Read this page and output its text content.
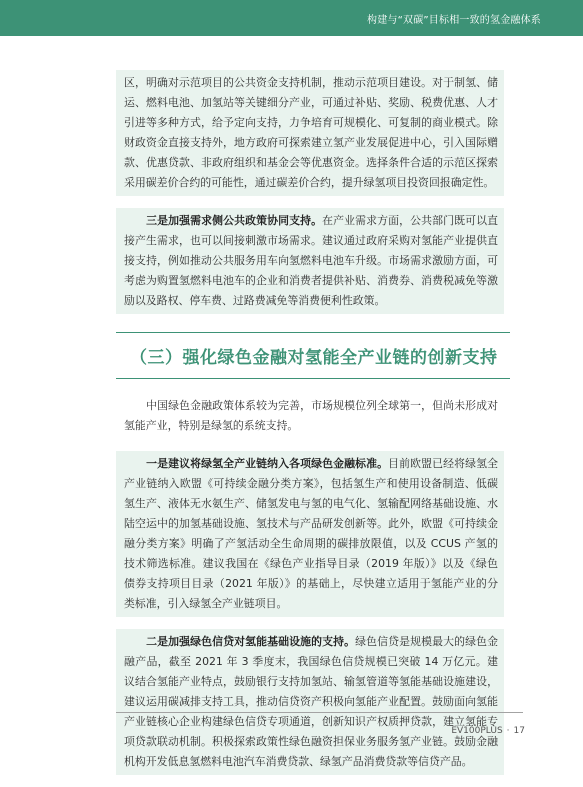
构建与“双碳”目标相一致的氢金融体系

区，明确对示范项目的公共资金支持机制，推动示范项目建设。对于制氢、储运、燃料电池、加氢站等关键细分产业，可通过补贴、奖励、税费优惠、人才引进等多种方式，给予定向支持，力争培育可规模化、可复制的商业模式。除财政资金直接支持外，地方政府可探索建立氢产业发展促进中心，引入国际赠款、优惠贷款、非政府组织和基金会等优惠资金。选择条件合适的示范区探索采用碳差价合约的可能性，通过碳差价合约，提升绿氢项目投资回报确定性。

三是加强需求侧公共政策协同支持。在产业需求方面，公共部门既可以直接产生需求，也可以间接刺激市场需求。建议通过政府采购对氢能产业提供直接支持，例如推动公共服务用车向氢燃料电池车升级。市场需求激励方面，可考虑为购置氢燃料电池车的企业和消费者提供补贴、消费券、消费税减免等激励以及路权、停车费、过路费减免等消费便利性政策。

（三）强化绿色金融对氢能全产业链的创新支持

中国绿色金融政策体系较为完善，市场规模位列全球第一，但尚未形成对氢能产业，特别是绿氢的系统支持。

一是建议将绿氢全产业链纳入各项绿色金融标准。目前欧盟已经将绿氢全产业链纳入欧盟《可持续金融分类方案》，包括氢生产和使用设备制造、低碳氢生产、液体无水氨生产、储氢发电与氢的电气化、氢输配网络基础设施、水陆空运中的加氢基础设施、氢技术与产品研发创新等。此外，欧盟《可持续金融分类方案》明确了产氢活动全生命周期的碳排放限值，以及 CCUS 产氢的技术筛选标准。建议我国在《绿色产业指导目录（2019 年版）》以及《绿色债券支持项目目录（2021 年版）》的基础上，尽快建立适用于氢能产业的分类标准，引入绿氢全产业链项目。

二是加强绿色信贷对氢能基础设施的支持。绿色信贷是规模最大的绿色金融产品，截至 2021 年 3 季度末，我国绿色信贷规模已突破 14 万亿元。建议结合氢能产业特点，鼓励银行支持加氢站、输氢管道等氢能基础设施建设，建议运用碳减排支持工具，推动信贷资产积极向氢能产业配置。鼓励面向氢能产业链核心企业构建绿色信贷专项通道，创新知识产权质押贷款，建立氢能专项贷款联动机制。积极探索政策性绿色融资担保业务服务氢产业链。鼓励金融机构开发低息氢燃料电池汽车消费贷款、绿氢产品消费贷款等信贷产品。

EV100PLUS · 17
